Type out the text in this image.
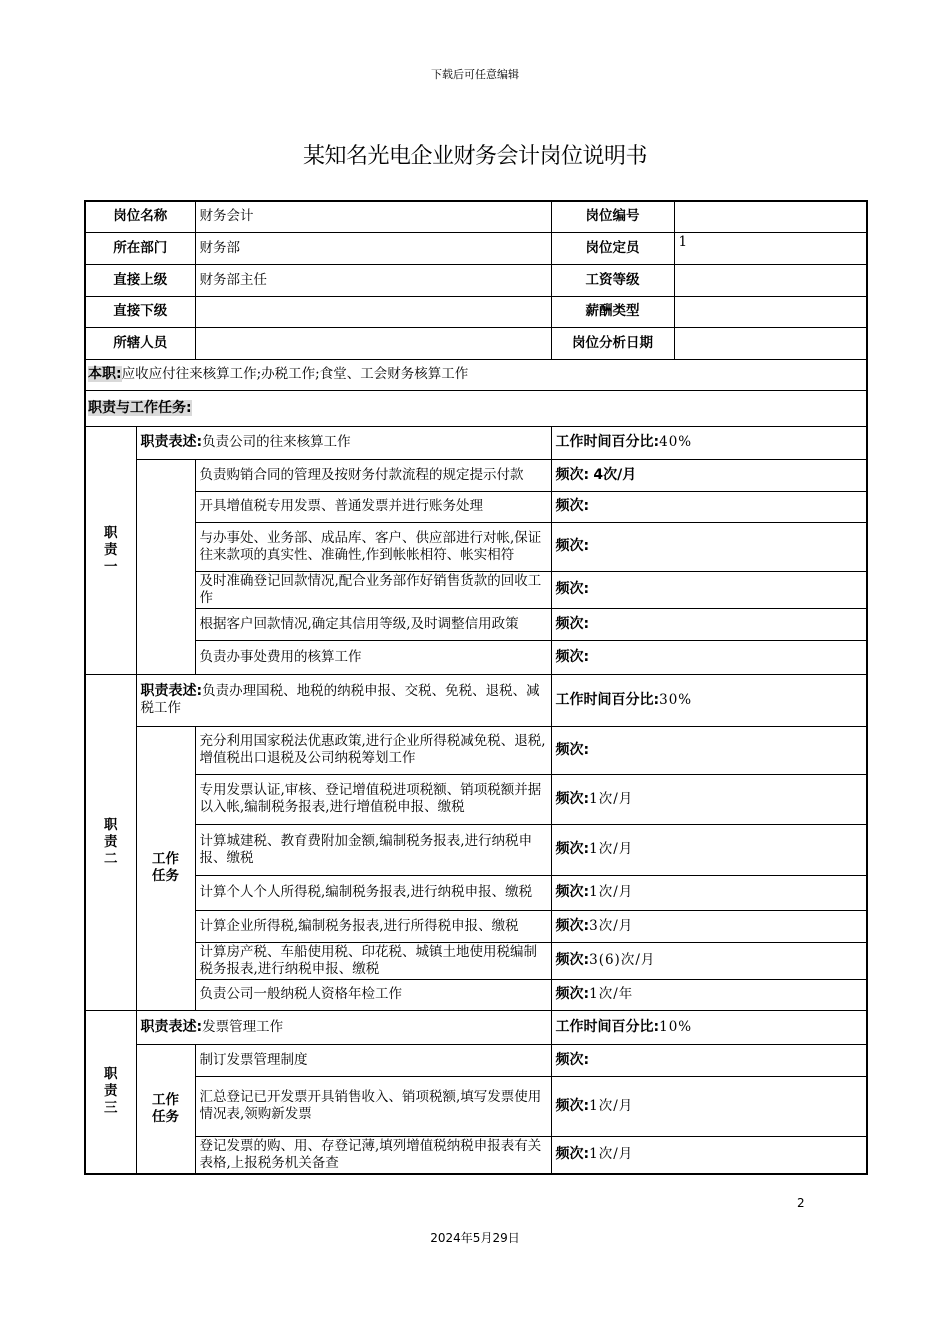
下载后可任意编辑
某知名光电企业财务会计岗位说明书
岗位名称		财务会计	岗位编号	
所在部门		财务部	岗位定员	1
直接上级		财务部主任	工资等级	
直接下级			薪酬类型	
所辖人员			岗位分析日期	
本职:应收应付往来核算工作;办税工作;食堂、工会财务核算工作				
职责与工作任务:				

职
责
一	职责表述:负责公司的往来核算工作		工作时间百分比:40%	
		负责购销合同的管理及按财务付款流程的规定提示付款	频次: 4次/月	
		开具增值税专用发票、普通发票并进行账务处理	频次:	
		与办事处、业务部、成品库、客户、供应部进行对帐,保证往来款项的真实性、准确性,作到帐帐相符、帐实相符	频次:	
		及时准确登记回款情况,配合业务部作好销售货款的回收工作	频次:	
		根据客户回款情况,确定其信用等级,及时调整信用政策	频次:	
		负责办事处费用的核算工作	频次:	

职
责
二	职责表述:负责办理国税、地税的纳税申报、交税、免税、退税、减税工作		工作时间百分比:30%	

	工作
任务	充分利用国家税法优惠政策,进行企业所得税减免税、退税,增值税出口退税及公司纳税筹划工作	频次:	
		专用发票认证,审核、登记增值税进项税额、销项税额并据以入帐,编制税务报表,进行增值税申报、缴税	频次:1次/月	
		计算城建税、教育费附加金额,编制税务报表,进行纳税申报、缴税	频次:1次/月	
		计算个人个人所得税,编制税务报表,进行纳税申报、缴税	频次:1次/月	
		计算企业所得税,编制税务报表,进行所得税申报、缴税	频次:3次/月	
		计算房产税、车船使用税、印花税、城镇土地使用税编制税务报表,进行纳税申报、缴税	频次:3(6)次/月	
		负责公司一般纳税人资格年检工作	频次:1次/年	

职
责
三	职责表述:发票管理工作		工作时间百分比:10%	

	工作
任务	制订发票管理制度	频次:	
		汇总登记已开发票开具销售收入、销项税额,填写发票使用情况表,领购新发票	频次:1次/月	
		登记发票的购、用、存登记薄,填列增值税纳税申报表有关表格,上报税务机关备查	频次:1次/月	
2
2024年5月29日
